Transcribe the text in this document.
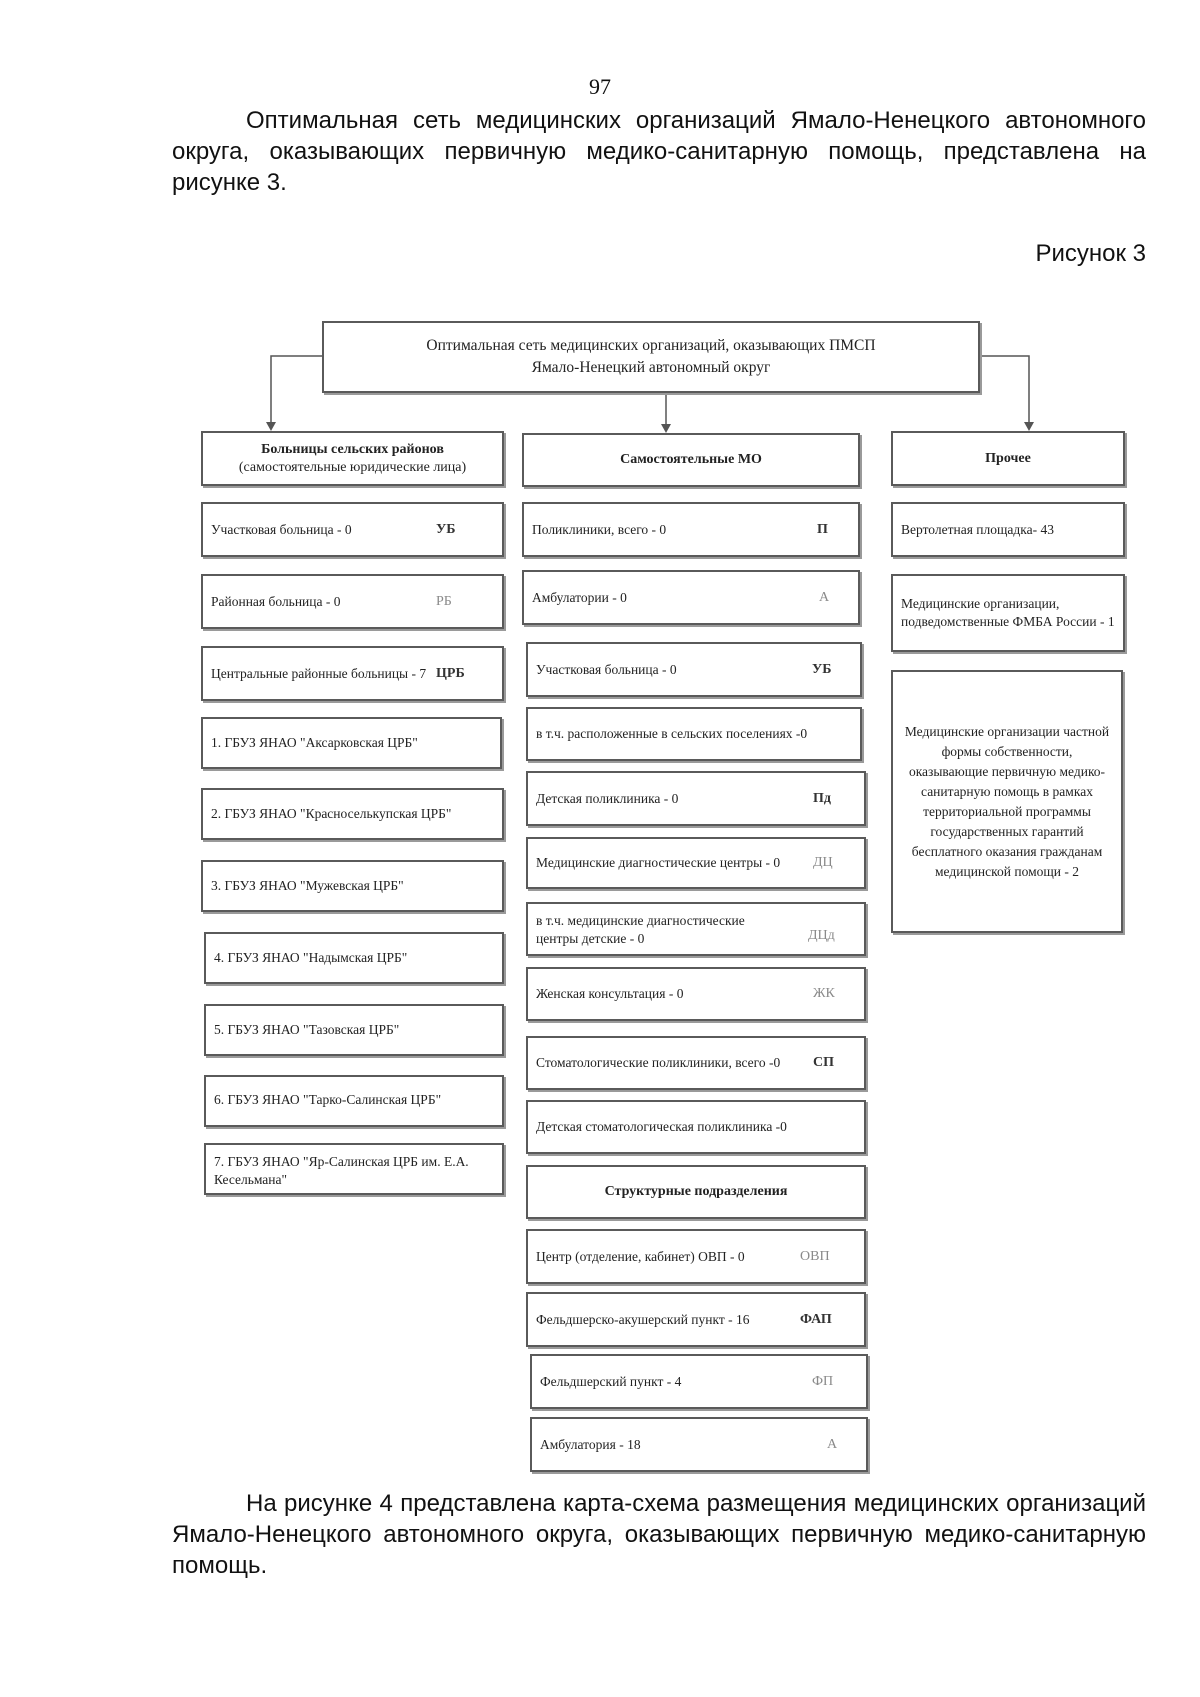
97

Оптимальная сеть медицинских организаций Ямало-Ненецкого автономного округа, оказывающих первичную медико-санитарную помощь, представлена на рисунке 3.

Рисунок 3
Оптимальная сеть медицинских организаций, оказывающих ПМСП
Ямало-Ненецкий автономный округ
Больницы сельских районов
(самостоятельные юридические лица)
Участковая больница - 0	УБ
Районная больница - 0	РБ
Центральные районные больницы - 7 ЦРБ
1. ГБУЗ ЯНАО "Аксарковская ЦРБ"
2. ГБУЗ ЯНАО "Красноселькупская ЦРБ"
3. ГБУЗ ЯНАО "Мужевская ЦРБ"
4. ГБУЗ ЯНАО "Надымская ЦРБ"
5. ГБУЗ ЯНАО "Тазовская ЦРБ"
6. ГБУЗ ЯНАО "Тарко-Салинская ЦРБ"
7. ГБУЗ ЯНАО "Яр-Салинская ЦРБ им. Е.А. Кесельмана"
Самостоятельные МО
Поликлиники, всего - 0	П
Амбулатории - 0	А
Участковая больница - 0	УБ
в т.ч. расположенные в сельских поселениях -0
Детская поликлиника - 0	Пд
Медицинские диагностические центры - 0	ДЦ
в т.ч. медицинские диагностические центры детские - 0	ДЦд
Женская консультация - 0	ЖК
Стоматологические поликлиники, всего -0	СП
Детская стоматологическая поликлиника -0
Структурные подразделения
Центр (отделение, кабинет) ОВП - 0	ОВП
Фельдшерско-акушерский пункт - 16	ФАП
Фельдшерский пункт - 4	ФП
Амбулатория - 18	А
Прочее
Вертолетная площадка- 43
Медицинские организации, подведомственные ФМБА России - 1
Медицинские организации частной формы собственности, оказывающие первичную медико-санитарную помощь в рамках территориальной программы государственных гарантий бесплатного оказания гражданам медицинской помощи - 2

На рисунке 4 представлена карта-схема размещения медицинских организаций Ямало-Ненецкого автономного округа, оказывающих первичную медико-санитарную помощь.
